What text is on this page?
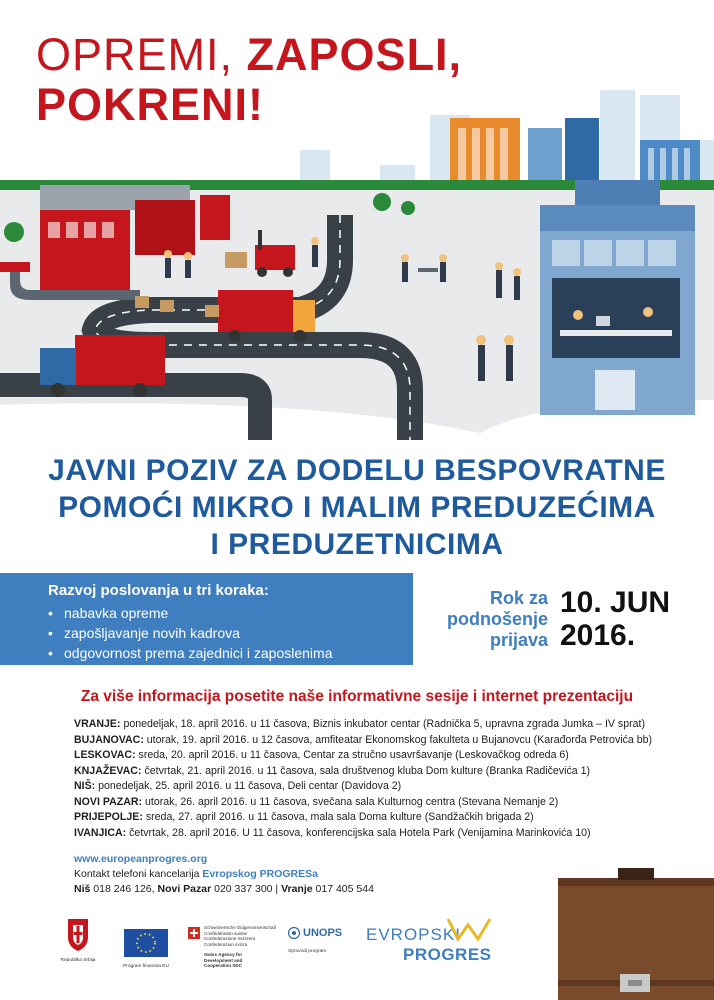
OPREMI, ZAPOSLI,
POKRENI!
JAVNI POZIV ZA DODELU BESPOVRATNE
POMOĆI MIKRO I MALIM PREDUZEĆIMA
I PREDUZETNICIMA
Razvoj poslovanja u tri koraka:
• nabavka opreme
• zapošljavanje novih kadrova
• odgovornost prema zajednici i zaposlenima
Rok za
podnošenje
prijava
10. JUN
2016.
Za više informacija posetite naše informativne sesije i internet prezentaciju
VRANJE: ponedeljak, 18. april 2016. u 11 časova, Biznis inkubator centar (Radnička 5, upravna zgrada Jumka – IV sprat)
BUJANOVAC: utorak, 19. april 2016. u 12 časova, amfiteatar Ekonomskog fakulteta u Bujanovcu (Karađorđa Petrovića bb)
LESKOVAC: sreda, 20. april 2016. u 11 časova, Centar za stručno usavršavanje (Leskovačkog odreda 6)
KNJAŽEVAC: četvrtak, 21. april 2016. u 11 časova, sala društvenog kluba Dom kulture (Branka Radičevića 1)
NIŠ: ponedeljak, 25. april 2016. u 11 časova, Deli centar (Davidova 2)
NOVI PAZAR: utorak, 26. april 2016. u 11 časova, svečana sala Kulturnog centra (Stevana Nemanje 2)
PRIJEPOLJE: sreda, 27. april 2016. u 11 časova, mala sala Doma kulture (Sandžačkih brigada 2)
IVANJICA: četvrtak, 28. april 2016. U 11 časova, konferencijska sala Hotela Park (Venijamina Marinkovića 10)
www.europeanprogres.org
Kontakt telefoni kancelarija Evropskog PROGRESa
Niš 018 246 126, Novi Pazar 020 337 300 | Vranje 017 405 544
Republika Srbija
Program finansira EU
Schweizerische Eidgenossenschaft
Confédération suisse
Confederazione Svizzera
Confederaziun svizra
Swiss Agency for Development and Cooperation SDC
UNOPS
Sprovodi program
EVROPSKI
PROGRES
